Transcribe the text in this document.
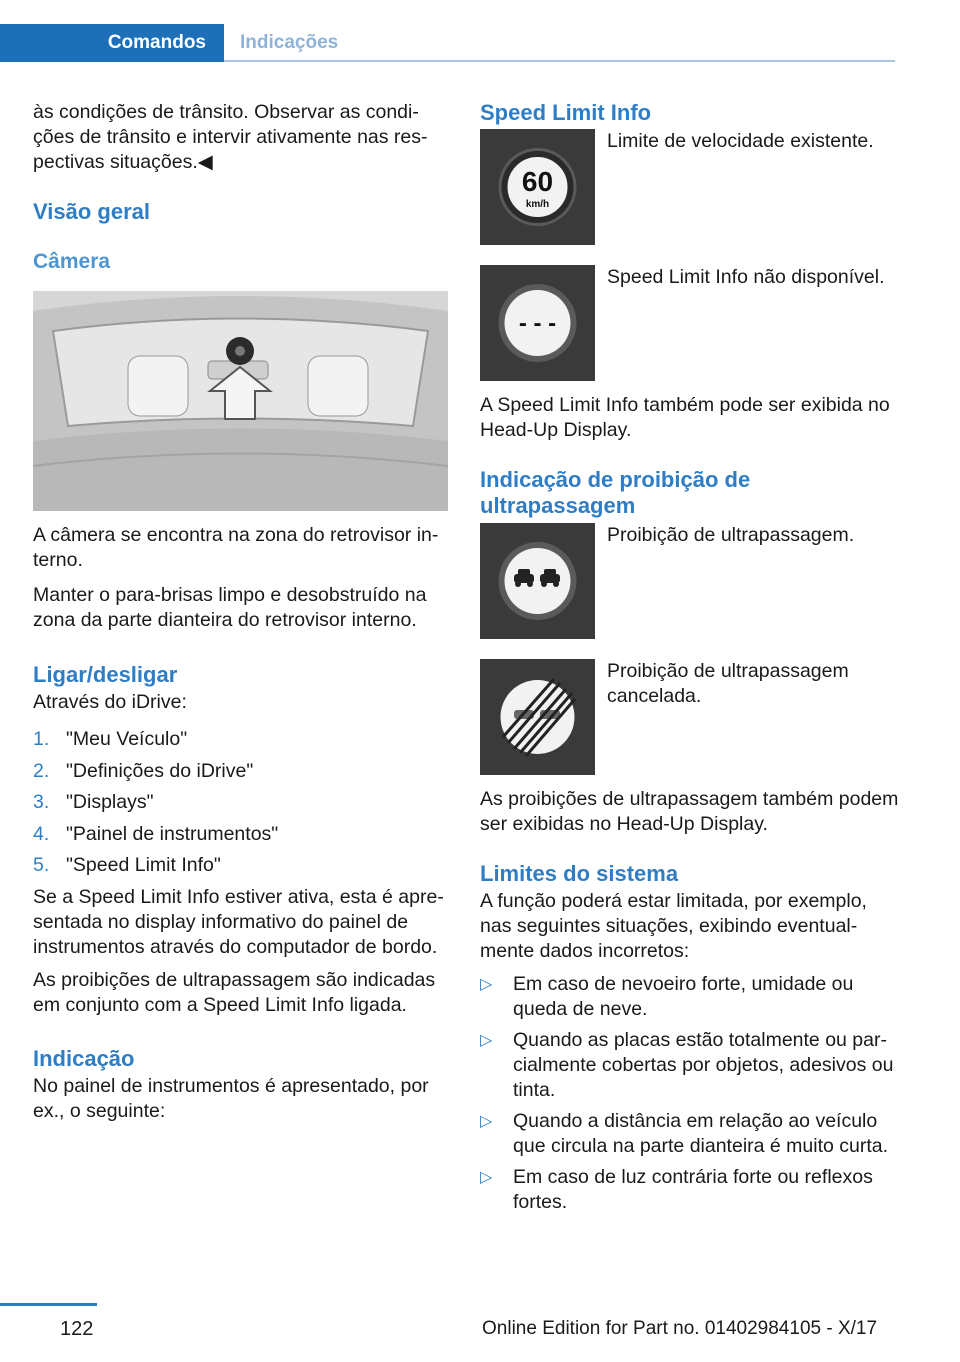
Comandos	Indicações

às condições de trânsito. Observar as condições de trânsito e intervir ativamente nas respectivas situações.◀

Visão geral
Câmera

A câmera se encontra na zona do retrovisor interno.

Manter o para-brisas limpo e desobstruído na zona da parte dianteira do retrovisor interno.

Ligar/desligar

Através do iDrive:

1. "Meu Veículo"
2. "Definições do iDrive"
3. "Displays"
4. "Painel de instrumentos"
5. "Speed Limit Info"

Se a Speed Limit Info estiver ativa, esta é apresentada no display informativo do painel de instrumentos através do computador de bordo.

As proibições de ultrapassagem são indicadas em conjunto com a Speed Limit Info ligada.

Indicação

No painel de instrumentos é apresentado, por ex., o seguinte:

Speed Limit Info
60
km/h

Limite de velocidade existente.

- - -

Speed Limit Info não disponível.

A Speed Limit Info também pode ser exibida no Head-Up Display.

Indicação de proibição de ultrapassagem

Proibição de ultrapassagem.

Proibição de ultrapassagem cancelada.

As proibições de ultrapassagem também podem ser exibidas no Head-Up Display.

Limites do sistema

A função poderá estar limitada, por exemplo, nas seguintes situações, exibindo eventualmente dados incorretos:

▷ Em caso de nevoeiro forte, umidade ou queda de neve.
▷ Quando as placas estão totalmente ou parcialmente cobertas por objetos, adesivos ou tinta.
▷ Quando a distância em relação ao veículo que circula na parte dianteira é muito curta.
▷ Em caso de luz contrária forte ou reflexos fortes.
122	Online Edition for Part no. 01402984105 - X/17
